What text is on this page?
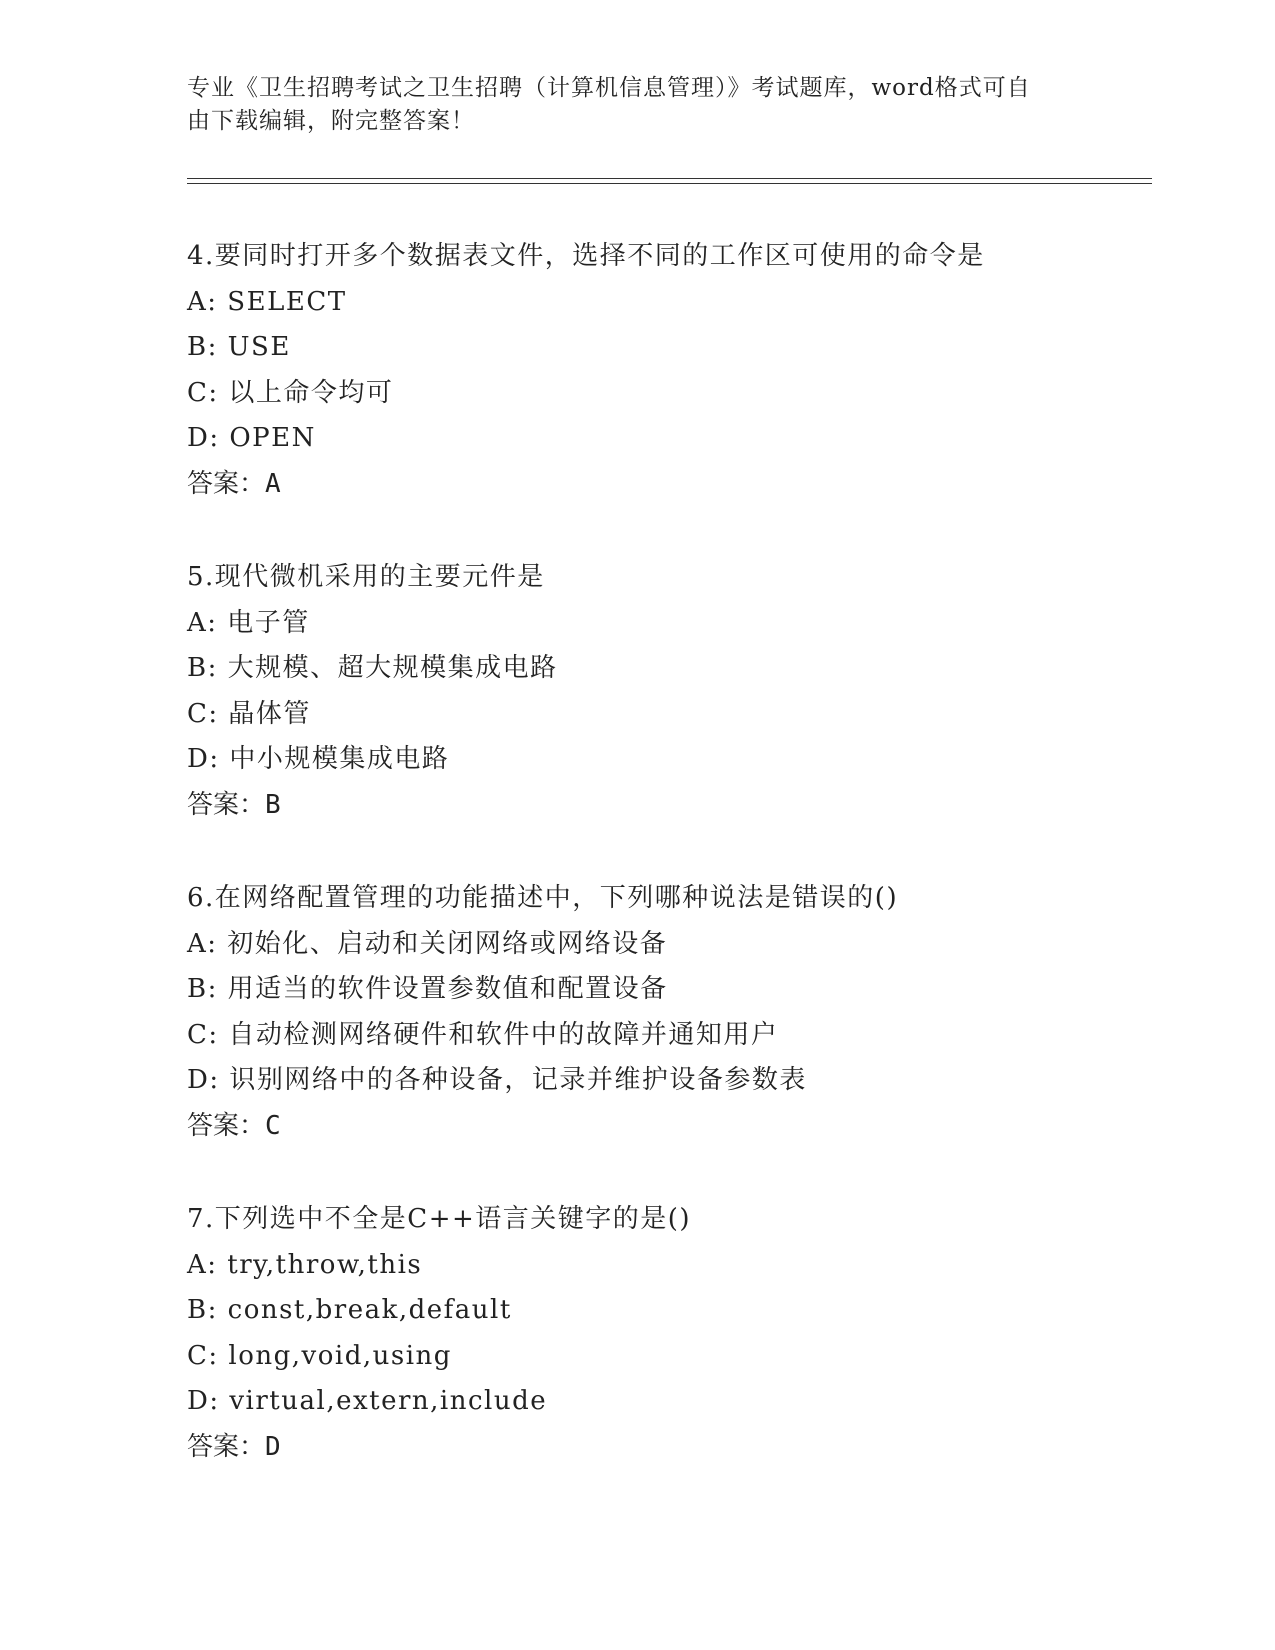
专业《卫生招聘考试之卫生招聘（计算机信息管理）》考试题库，word格式可自
由下载编辑，附完整答案！
4.要同时打开多个数据表文件，选择不同的工作区可使用的命令是
A: SELECT
B: USE
C: 以上命令均可
D: OPEN
答案：A
5.现代微机采用的主要元件是
A: 电子管
B: 大规模、超大规模集成电路
C: 晶体管
D: 中小规模集成电路
答案：B
6.在网络配置管理的功能描述中，下列哪种说法是错误的()
A: 初始化、启动和关闭网络或网络设备
B: 用适当的软件设置参数值和配置设备
C: 自动检测网络硬件和软件中的故障并通知用户
D: 识别网络中的各种设备，记录并维护设备参数表
答案：C
7.下列选中不全是C++语言关键字的是()
A: try,throw,this
B: const,break,default
C: long,void,using
D: virtual,extern,include
答案：D
